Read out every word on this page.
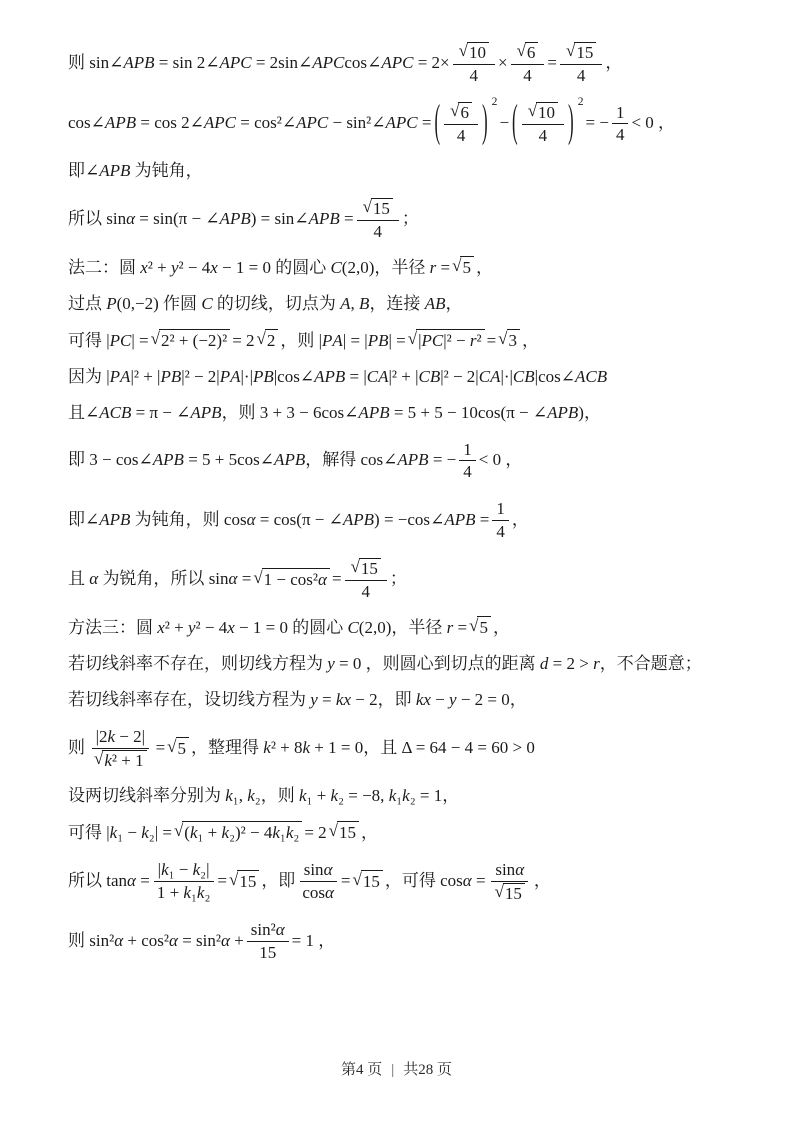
则 sin∠ A P B = sin 2∠ A P C = 2sin∠ A P C cos∠ A P $C = 2\times \frac{√ 10}{4} \times \frac{√ 6}{4} = \frac{√ 15}{4}$ ，
cos∠ A P B = cos 2∠ A P C = cos²∠ A P C − sin²∠ A P C = ( $\frac{√ 6}{4}$ ) 2
− ( $\frac{√ 10}{4}$ ) 2
= − $\frac{1}{4} < 0$ ，
即∠ A P B 为钝角，
所以 sin α = sin(π − ∠ A P B ) = sin∠ A P $B = \frac{√ 15}{4}$ ；
法二：圆 x ² + y ² − 4 x − 1 = 0 的圆心 C (2,0)，半径 r = √ 5 ，
过点 P (0,−2) 作圆 C 的切线，切点为 A , B ，连接 A B ，
可得 | P C | = √ 2² + (−2)² = 2 √ 2 ，则 | P A | = | P B | = √ | P C |² − r ² = √ 3 ，
因为 | P A |² + | P B |² − 2| P A |·| P B |cos∠ A P B = | C A |² + | C B |² − 2| C A |·| C B |cos∠ A C B
且∠ A C B = π − ∠ A P B ，则 3 + 3 − 6cos∠ A P B = 5 + 5 − 10cos(π − ∠ A P B )，
即 3 − cos∠ A P B = 5 + 5cos∠ A P B ，解得 cos∠ A P B = − $\frac{1}{4} < 0$ ，
即∠ A P B 为钝角，则 cos α = cos(π − ∠ A P B ) = −cos∠ A P $B = \frac{1}{4}$ ，
且 α 为锐角，所以 sin α = √ 1 − cos² $\alpha = \frac{√ 15}{4}$ ；
方法三：圆 x ² + y ² − 4 x − 1 = 0 的圆心 C (2,0)，半径 r = √ 5 ，
若切线斜率不存在，则切线方程为 y = 0 ，则圆心到切点的距离 d = 2 > r ，不合题意；
若切线斜率存在，设切线方程为 y = k x − 2，即 k x − y − 2 = 0，
则 $\frac{|2 k - 2|}{\text{√ k ² + 1}}$ = √ 5 ，整理得 k ² + 8 k + 1 = 0，且 Δ = 64 − 4 = 60 > 0
设两切线斜率分别为 k ₁, k ₂，则 k ₁ + k ₂ = −8, k ₁ k ₂ = 1，
可得 | k ₁ − k ₂| = √ ( k ₁ + k ₂)² − 4 k ₁ k ₂ = 2 √ 15 ，
所以 $\tan \alpha = \frac{\text{| k ₁ − k ₂|}}{\text{1 + k ₁ k ₂}}$ = √ 15 ，即 $\frac{\text{sin α}}{\text{cos α}}$ = √ 15 ，可得 $\cos \alpha = \frac{\text{sin α}}{√ 15}$ ，
则 sin² α + cos² α = sin² $\alpha + \frac{\text{sin² α}}{15} = 1$ ，
第4 页 | 共28 页
